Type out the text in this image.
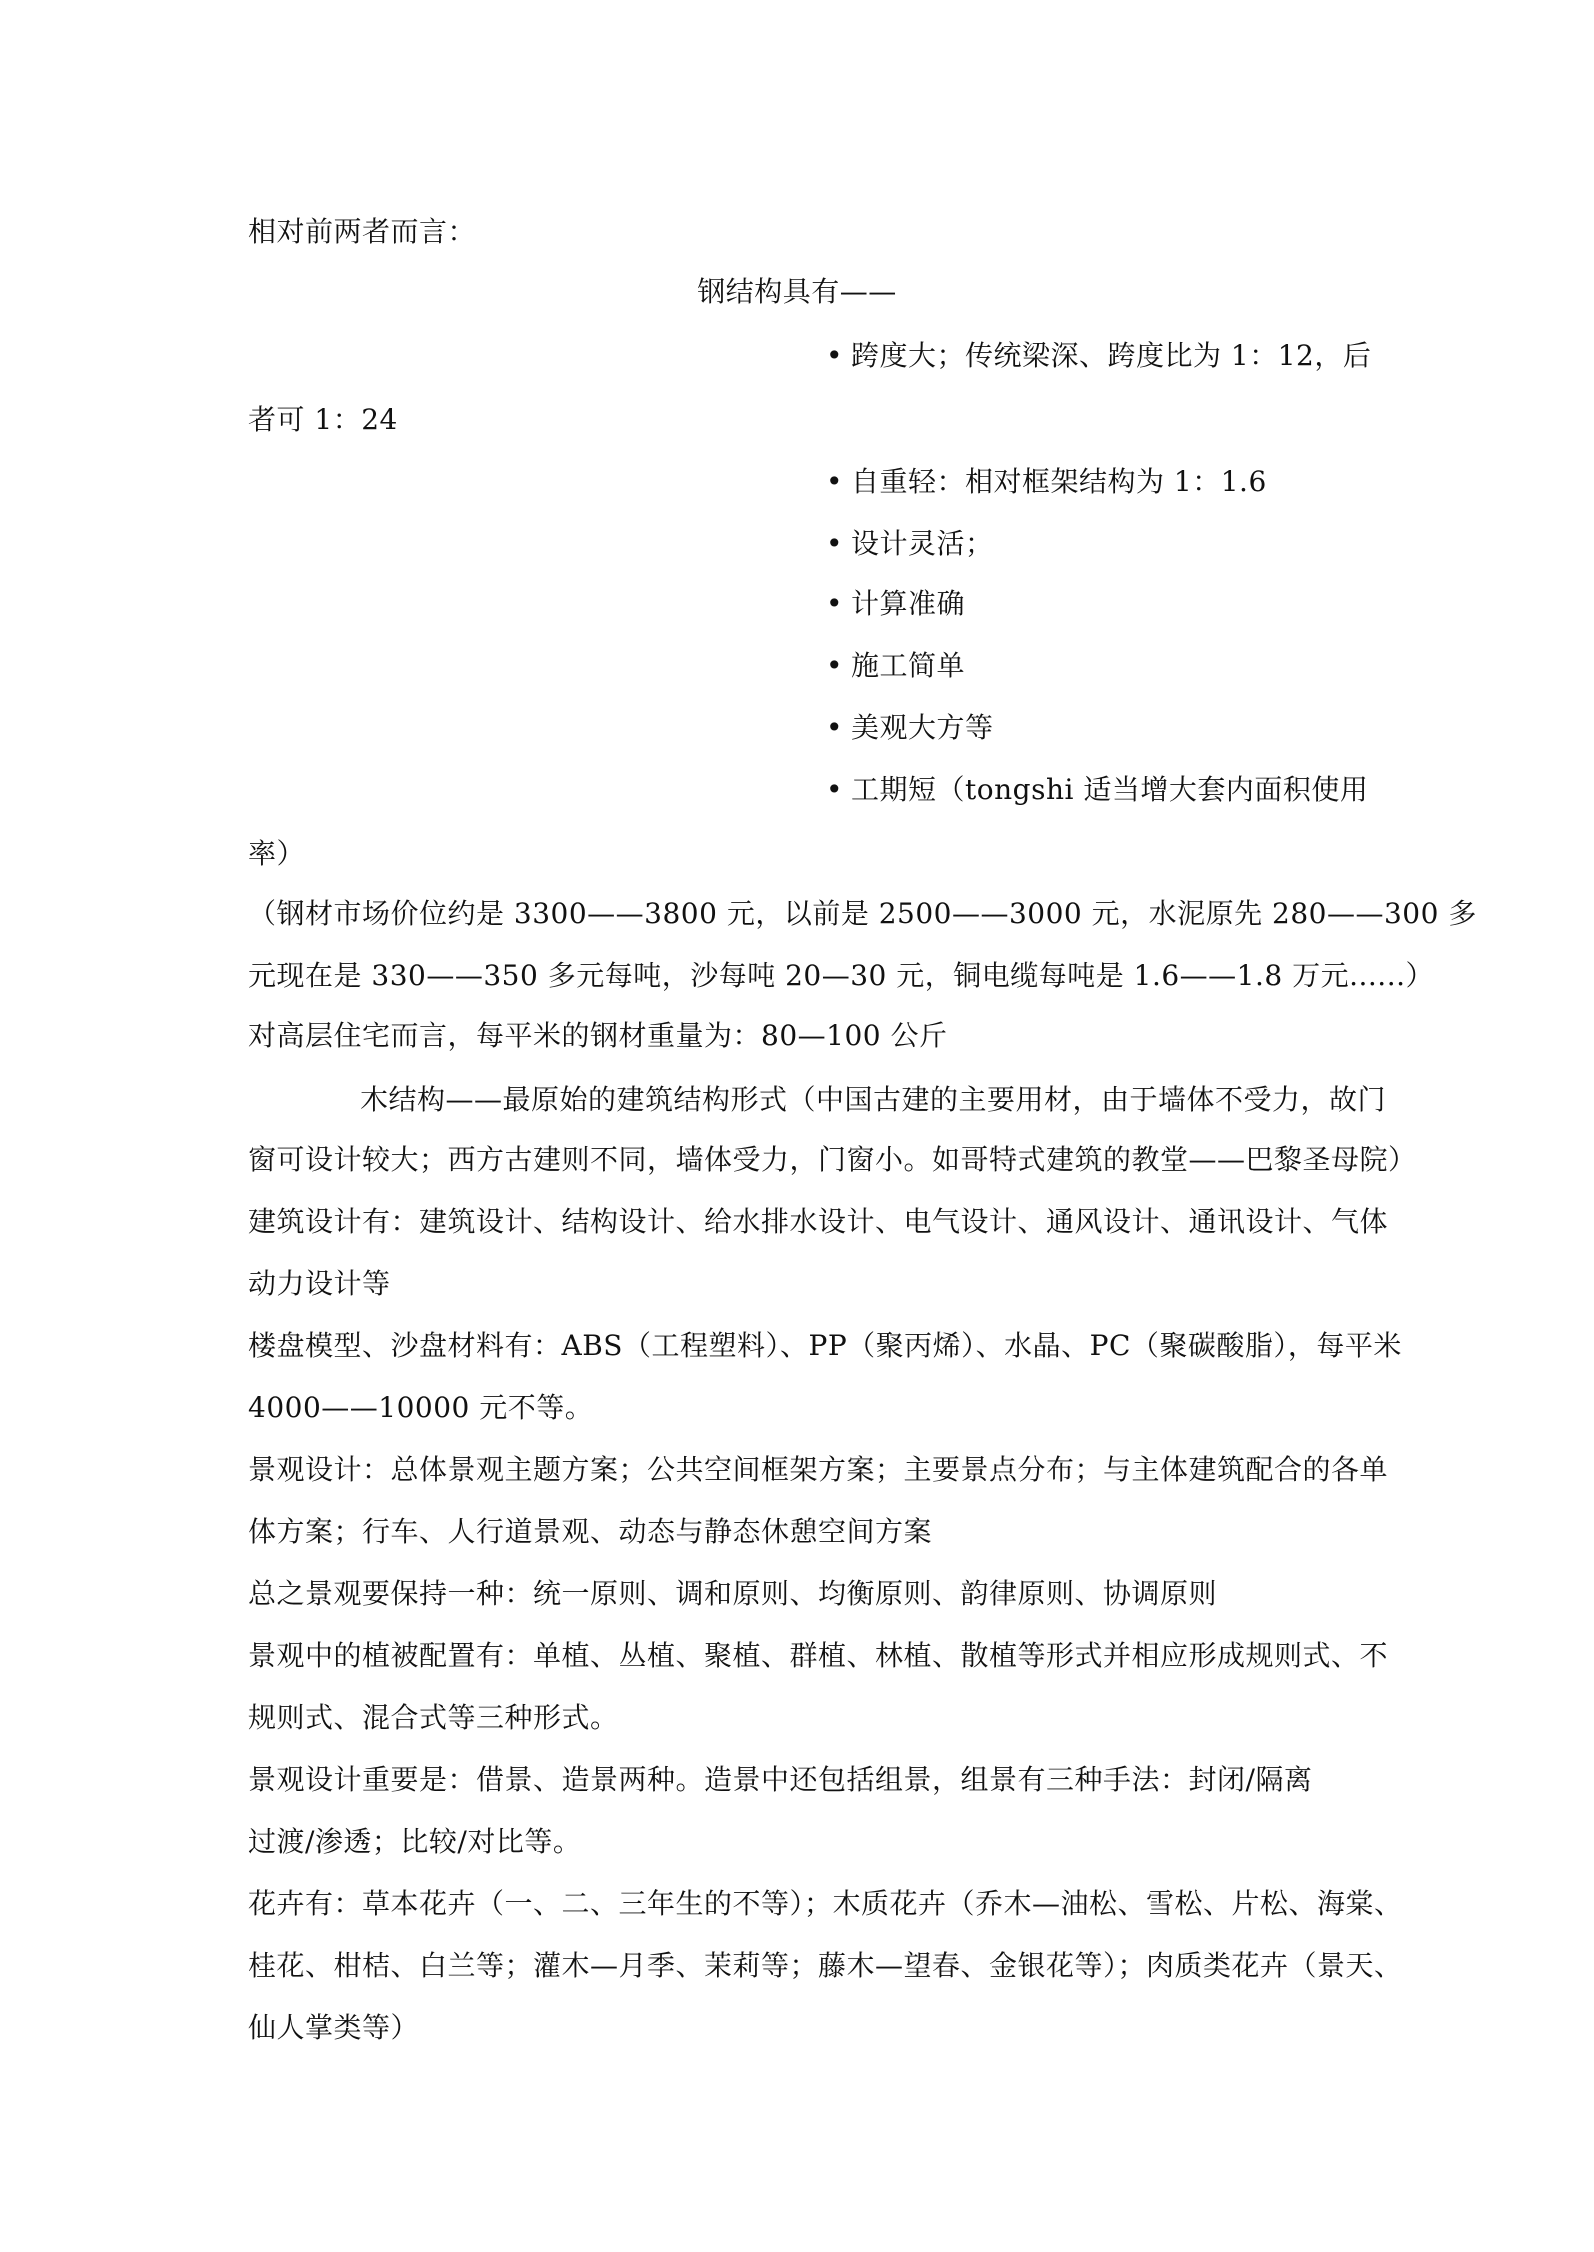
相对前两者而言：
钢结构具有——
• 跨度大；传统梁深、跨度比为 1：12，后
者可 1：24
• 自重轻：相对框架结构为 1：1.6
• 设计灵活；
• 计算准确
• 施工简单
• 美观大方等
• 工期短（tongshi 适当增大套内面积使用
率）
（钢材市场价位约是 3300——3800 元，以前是 2500——3000 元，水泥原先 280——300 多
元现在是 330——350 多元每吨，沙每吨 20—30 元，铜电缆每吨是 1.6——1.8 万元......）
对高层住宅而言，每平米的钢材重量为：80—100 公斤
木结构——最原始的建筑结构形式（中国古建的主要用材，由于墙体不受力，故门
窗可设计较大；西方古建则不同，墙体受力，门窗小。如哥特式建筑的教堂——巴黎圣母院）
建筑设计有：建筑设计、结构设计、给水排水设计、电气设计、通风设计、通讯设计、气体
动力设计等
楼盘模型、沙盘材料有：ABS（工程塑料）、PP（聚丙烯）、水晶、PC（聚碳酸脂），每平米
4000——10000 元不等。
景观设计：总体景观主题方案；公共空间框架方案；主要景点分布；与主体建筑配合的各单
体方案；行车、人行道景观、动态与静态休憩空间方案
总之景观要保持一种：统一原则、调和原则、均衡原则、韵律原则、协调原则
景观中的植被配置有：单植、丛植、聚植、群植、林植、散植等形式并相应形成规则式、不
规则式、混合式等三种形式。
景观设计重要是：借景、造景两种。造景中还包括组景，组景有三种手法：封闭/隔离
过渡/渗透；比较/对比等。
花卉有：草本花卉（一、二、三年生的不等）；木质花卉（乔木—油松、雪松、片松、海棠、
桂花、柑桔、白兰等；灌木—月季、茉莉等；藤木—望春、金银花等）；肉质类花卉（景天、
仙人掌类等）
